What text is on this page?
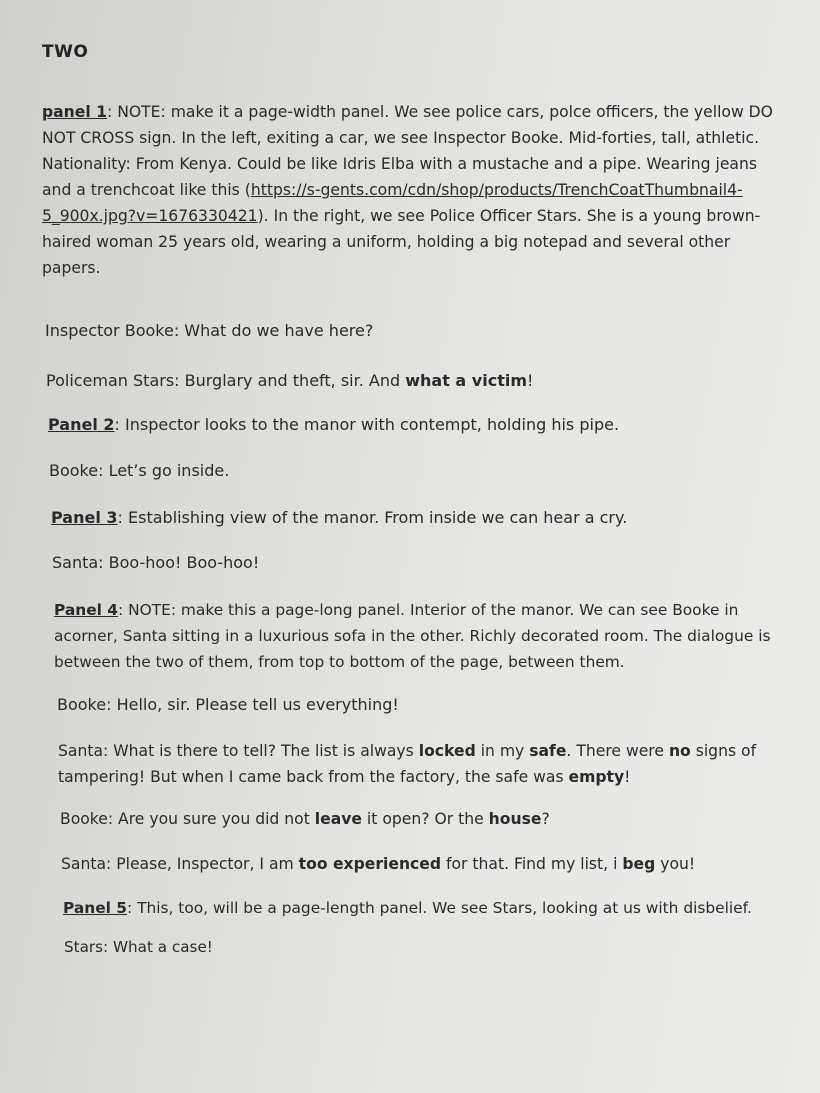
TWO
panel 1: NOTE: make it a page-width panel. We see police cars, polce officers, the yellow DO
NOT CROSS sign. In the left, exiting a car, we see Inspector Booke. Mid-forties, tall, athletic.
Nationality: From Kenya. Could be like Idris Elba with a mustache and a pipe. Wearing jeans
and a trenchcoat like this (https://s-gents.com/cdn/shop/products/TrenchCoatThumbnail4-
5_900x.jpg?v=1676330421). In the right, we see Police Officer Stars. She is a young brown-
haired woman 25 years old, wearing a uniform, holding a big notepad and several other
papers.
Inspector Booke: What do we have here?
Policeman Stars: Burglary and theft, sir. And what a victim!
Panel 2: Inspector looks to the manor with contempt, holding his pipe.
Booke: Let’s go inside.
Panel 3: Establishing view of the manor. From inside we can hear a cry.
Santa: Boo-hoo! Boo-hoo!
Panel 4: NOTE: make this a page-long panel. Interior of the manor. We can see Booke in
acorner, Santa sitting in a luxurious sofa in the other. Richly decorated room. The dialogue is
between the two of them, from top to bottom of the page, between them.
Booke: Hello, sir. Please tell us everything!
Santa: What is there to tell? The list is always locked in my safe. There were no signs of
tampering! But when I came back from the factory, the safe was empty!
Booke: Are you sure you did not leave it open? Or the house?
Santa: Please, Inspector, I am too experienced for that. Find my list, i beg you!
Panel 5: This, too, will be a page-length panel. We see Stars, looking at us with disbelief.
Stars: What a case!
